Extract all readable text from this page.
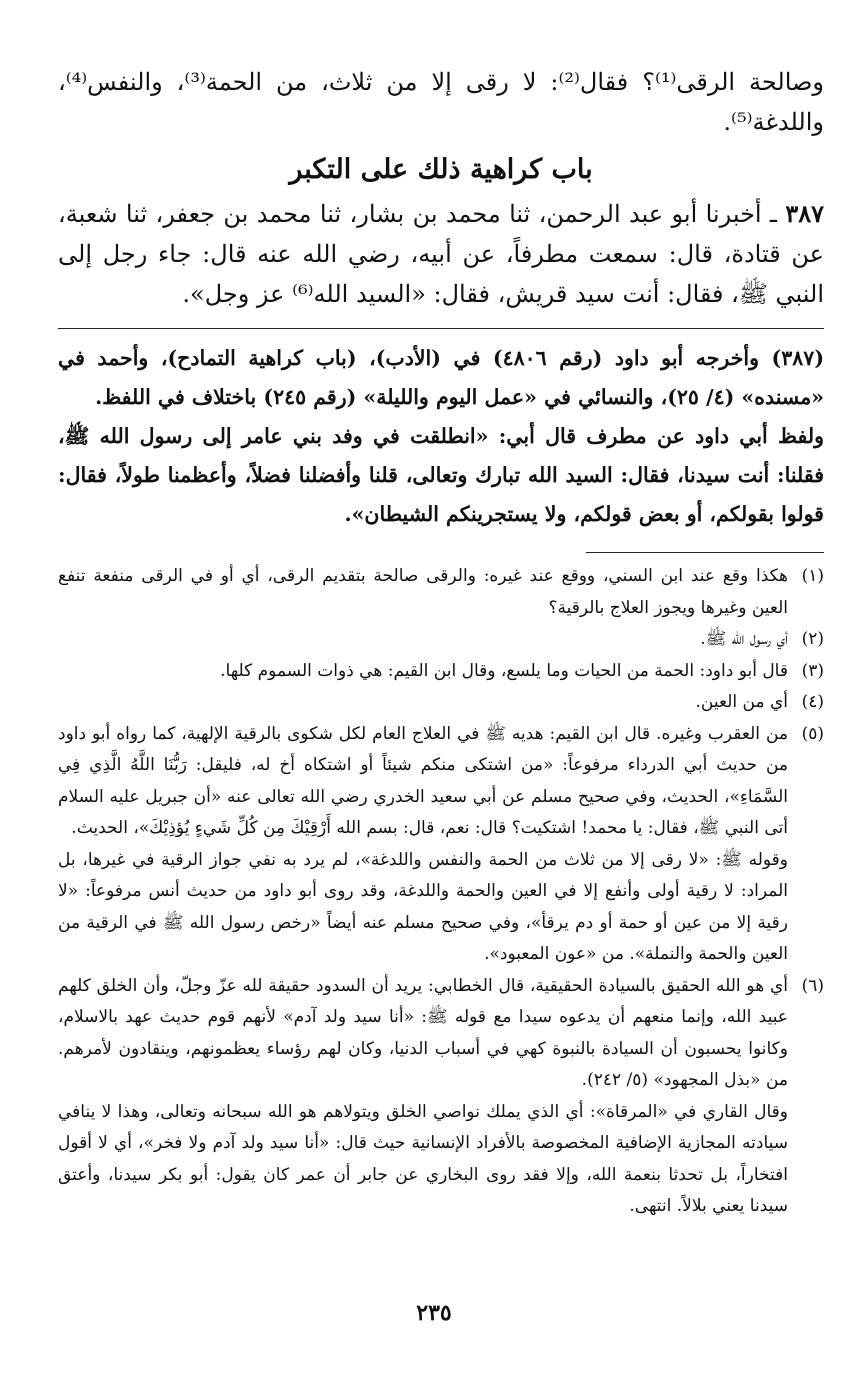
وصالحة الرقى⁽¹⁾؟ فقال⁽²⁾: لا رقى إلا من ثلاث، من الحمة⁽³⁾، والنفس⁽⁴⁾، واللدغة⁽⁵⁾.
باب كراهية ذلك على التكبر
٣٨٧ ـ أخبرنا أبو عبد الرحمن، ثنا محمد بن بشار، ثنا محمد بن جعفر، ثنا شعبة، عن قتادة، قال: سمعت مطرفاً، عن أبيه، رضي الله عنه قال: جاء رجل إلى النبي ﷺ، فقال: أنت سيد قريش، فقال: «السيد الله⁽⁶⁾ عز وجل».

(٣٨٧) وأخرجه أبو داود (رقم ٤٨٠٦) في (الأدب)، (باب كراهية التمادح)، وأحمد في «مسنده» (٤/ ٢٥)، والنسائي في «عمل اليوم والليلة» (رقم ٢٤٥) باختلاف في اللفظ.

ولفظ أبي داود عن مطرف قال أبي: «انطلقت في وفد بني عامر إلى رسول الله ﷺ، فقلنا: أنت سيدنا، فقال: السيد الله تبارك وتعالى، قلنا وأفضلنا فضلاً، وأعظمنا طولاً، فقال: قولوا بقولكم، أو بعض قولكم، ولا يستجرينكم الشيطان».

(١)

هكذا وقع عند ابن السني، ووقع عند غيره: والرقى صالحة بتقديم الرقى، أي أو في الرقى منفعة تنفع العين وغيرها ويجوز العلاج بالرقية؟

(٢)

أي رسول الله ﷺ.

(٣)

قال أبو داود: الحمة من الحيات وما يلسع، وقال ابن القيم: هي ذوات السموم كلها.

(٤)

أي من العين.

(٥)

من العقرب وغيره. قال ابن القيم: هديه ﷺ في العلاج العام لكل شكوى بالرقية الإلهية، كما رواه أبو داود من حديث أبي الدرداء مرفوعاً: «من اشتكى منكم شيئاً أو اشتكاه أخ له، فليقل: رَبُّنَا اللَّهُ الَّذِي فِي السَّمَاءِ»، الحديث، وفي صحيح مسلم عن أبي سعيد الخدري رضي الله تعالى عنه «أن جبريل عليه السلام أتى النبي ﷺ، فقال: يا محمد! اشتكيت؟ قال: نعم، قال: بسم الله أَرْقِيْكَ مِن كُلِّ شَيءٍ يُؤذِيْكَ»، الحديث.

وقوله ﷺ: «لا رقى إلا من ثلاث من الحمة والنفس واللدغة»، لم يرد به نفي جواز الرقية في غيرها، بل المراد: لا رقية أولى وأنفع إلا في العين والحمة واللدغة، وقد روى أبو داود من حديث أنس مرفوعاً: «لا رقية إلا من عين أو حمة أو دم يرقأ»، وفي صحيح مسلم عنه أيضاً «رخص رسول الله ﷺ في الرقية من العين والحمة والنملة». من «عون المعبود».

(٦)

أي هو الله الحقيق بالسيادة الحقيقية، قال الخطابي: يريد أن السدود حقيقة لله عزّ وجلّ، وأن الخلق كلهم عبيد الله، وإنما منعهم أن يدعوه سيدا مع قوله ﷺ: «أنا سيد ولد آدم» لأنهم قوم حديث عهد بالاسلام، وكانوا يحسبون أن السيادة بالنبوة كهي في أسباب الدنيا، وكان لهم رؤساء يعظمونهم، وينقادون لأمرهم. من «بذل المجهود» (٥/ ٢٤٢).

وقال القاري في «المرقاة»: أي الذي يملك نواصي الخلق ويتولاهم هو الله سبحانه وتعالى، وهذا لا ينافي سيادته المجازية الإضافية المخصوصة بالأفراد الإنسانية حيث قال: «أنا سيد ولد آدم ولا فخر»، أي لا أقول افتخاراً، بل تحدثا بنعمة الله، وإلا فقد روى البخاري عن جابر أن عمر كان يقول: أبو بكر سيدنا، وأعتق سيدنا يعني بلالاً. انتهى.

٢٣٥
